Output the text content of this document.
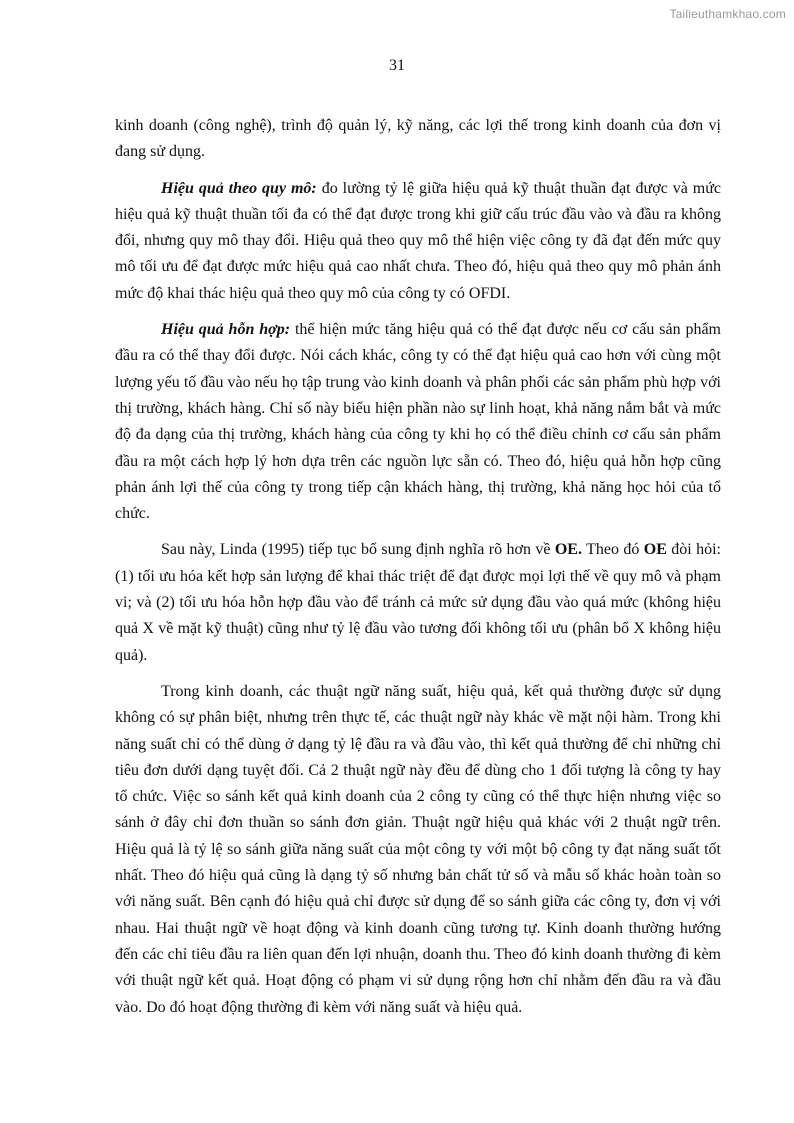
Tailieuthamkhao.com
31

kinh doanh (công nghệ), trình độ quản lý, kỹ năng, các lợi thế trong kinh doanh của đơn vị đang sử dụng.

Hiệu quả theo quy mô: đo lường tỷ lệ giữa hiệu quả kỹ thuật thuần đạt được và mức hiệu quả kỹ thuật thuần tối đa có thể đạt được trong khi giữ cấu trúc đầu vào và đầu ra không đổi, nhưng quy mô thay đổi. Hiệu quả theo quy mô thể hiện việc công ty đã đạt đến mức quy mô tối ưu để đạt được mức hiệu quả cao nhất chưa. Theo đó, hiệu quả theo quy mô phản ánh mức độ khai thác hiệu quả theo quy mô của công ty có OFDI.

Hiệu quả hỗn hợp: thể hiện mức tăng hiệu quả có thể đạt được nếu cơ cấu sản phẩm đầu ra có thể thay đổi được. Nói cách khác, công ty có thể đạt hiệu quả cao hơn với cùng một lượng yếu tố đầu vào nếu họ tập trung vào kinh doanh và phân phối các sản phẩm phù hợp với thị trường, khách hàng. Chỉ số này biểu hiện phần nào sự linh hoạt, khả năng nắm bắt và mức độ đa dạng của thị trường, khách hàng của công ty khi họ có thể điều chỉnh cơ cấu sản phẩm đầu ra một cách hợp lý hơn dựa trên các nguồn lực sẵn có. Theo đó, hiệu quả hỗn hợp cũng phản ánh lợi thế của công ty trong tiếp cận khách hàng, thị trường, khả năng học hỏi của tổ chức.

Sau này, Linda (1995) tiếp tục bổ sung định nghĩa rõ hơn về OE. Theo đó OE đòi hỏi: (1) tối ưu hóa kết hợp sản lượng để khai thác triệt để đạt được mọi lợi thế về quy mô và phạm vi; và (2) tối ưu hóa hỗn hợp đầu vào để tránh cả mức sử dụng đầu vào quá mức (không hiệu quả X về mặt kỹ thuật) cũng như tỷ lệ đầu vào tương đối không tối ưu (phân bổ X không hiệu quả).

Trong kinh doanh, các thuật ngữ năng suất, hiệu quả, kết quả thường được sử dụng không có sự phân biệt, nhưng trên thực tế, các thuật ngữ này khác về mặt nội hàm. Trong khi năng suất chỉ có thể dùng ở dạng tỷ lệ đầu ra và đầu vào, thì kết quả thường để chỉ những chỉ tiêu đơn dưới dạng tuyệt đối. Cả 2 thuật ngữ này đều để dùng cho 1 đối tượng là công ty hay tổ chức. Việc so sánh kết quả kinh doanh của 2 công ty cũng có thể thực hiện nhưng việc so sánh ở đây chỉ đơn thuần so sánh đơn giản. Thuật ngữ hiệu quả khác với 2 thuật ngữ trên. Hiệu quả là tỷ lệ so sánh giữa năng suất của một công ty với một bộ công ty đạt năng suất tốt nhất. Theo đó hiệu quả cũng là dạng tỷ số nhưng bản chất tử số và mẫu số khác hoàn toàn so với năng suất. Bên cạnh đó hiệu quả chỉ được sử dụng để so sánh giữa các công ty, đơn vị với nhau. Hai thuật ngữ về hoạt động và kinh doanh cũng tương tự. Kinh doanh thường hướng đến các chỉ tiêu đầu ra liên quan đến lợi nhuận, doanh thu. Theo đó kinh doanh thường đi kèm với thuật ngữ kết quả. Hoạt động có phạm vi sử dụng rộng hơn chỉ nhằm đến đầu ra và đầu vào. Do đó hoạt động thường đi kèm với năng suất và hiệu quả.
